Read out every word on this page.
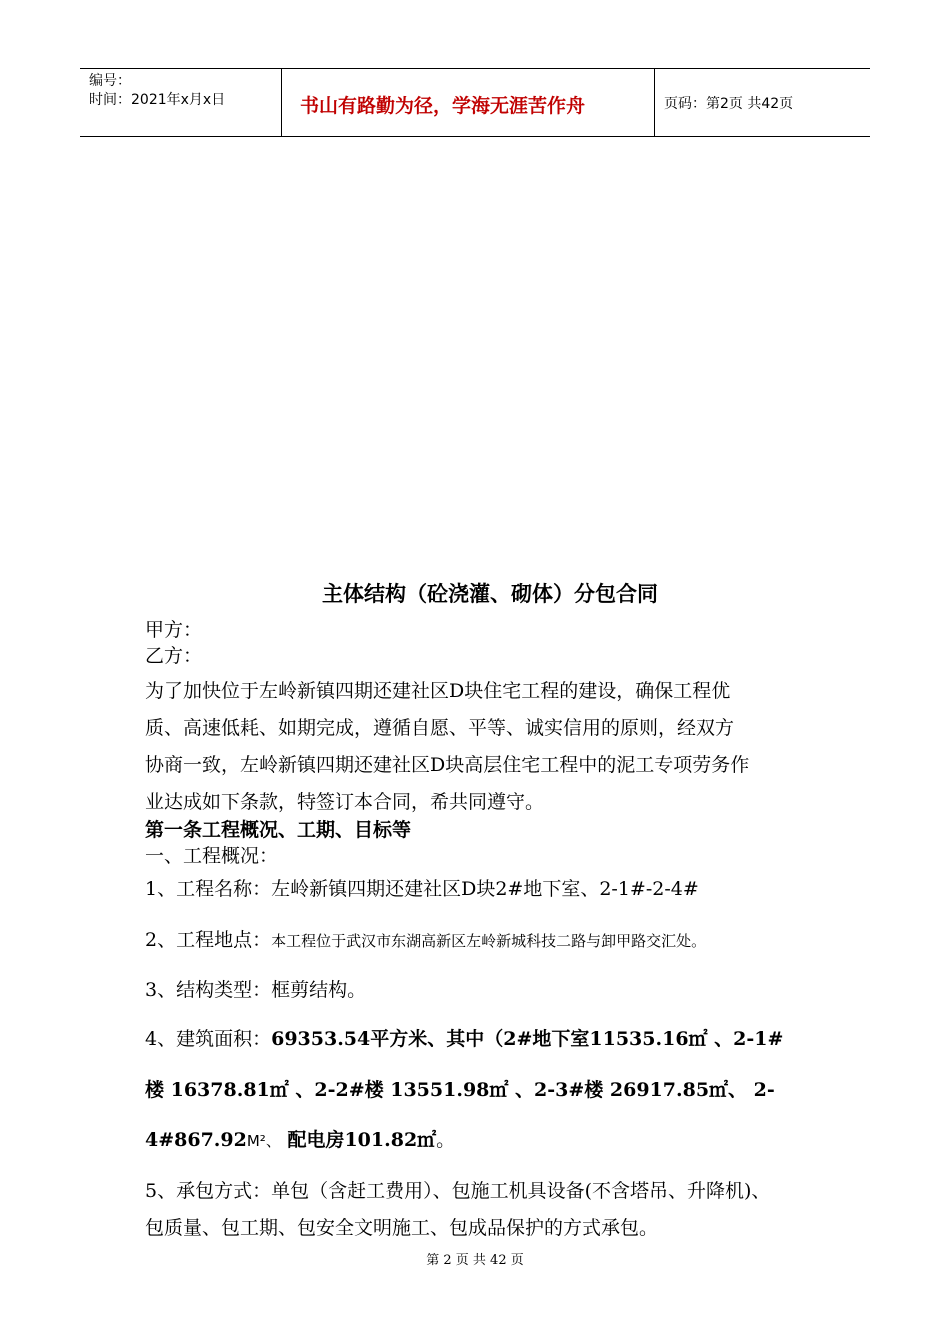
编号：
时间：2021年x月x日	书山有路勤为径，学海无涯苦作舟	页码：第2页 共42页
主体结构（砼浇灌、砌体）分包合同
甲方：
乙方：
为了加快位于左岭新镇四期还建社区D块住宅工程的建设，确保工程优
质、高速低耗、如期完成，遵循自愿、平等、诚实信用的原则，经双方
协商一致，左岭新镇四期还建社区D块高层住宅工程中的泥工专项劳务作
业达成如下条款，特签订本合同，希共同遵守。
第一条工程概况、工期、目标等
一、工程概况：
1、工程名称：左岭新镇四期还建社区D块2#地下室、2-1#-2-4#
2、工程地点：本工程位于武汉市东湖高新区左岭新城科技二路与卸甲路交汇处。
3、结构类型：框剪结构。
4、建筑面积：69353.54平方米、其中（2#地下室11535.16㎡ 、2-1#
楼 16378.81㎡ 、2-2#楼 13551.98㎡ 、2-3#楼 26917.85㎡、 2-
4#867.92M²、 配电房101.82㎡。
5、承包方式：单包（含赶工费用）、包施工机具设备(不含塔吊、升降机)、
包质量、包工期、包安全文明施工、包成品保护的方式承包。
第 2 页 共 42 页
